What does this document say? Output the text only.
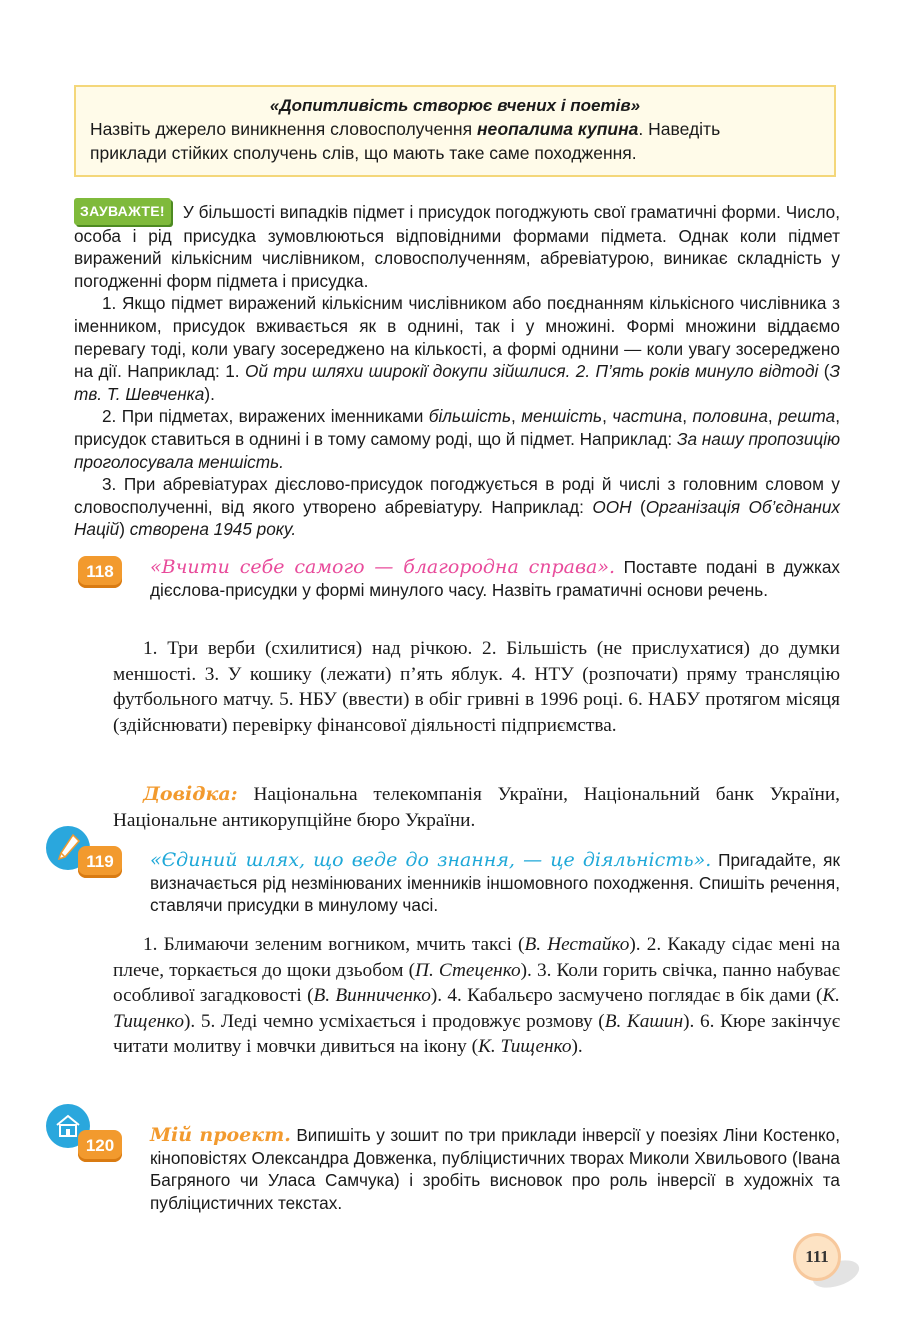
«Допитливість створює вчених і поетів»
Назвіть джерело виникнення словосполучення неопалима купина. Наведіть
приклади стійких сполучень слів, що мають таке саме походження.

ЗАУВАЖТЕ! У більшості випадків підмет і присудок погоджують свої граматичні форми. Число, особа і рід присудка зумовлюються відповідними формами підмета. Однак коли підмет виражений кількісним числівником, словосполученням, абревіатурою, виникає складність у погодженні форм підмета і присудка.

1. Якщо підмет виражений кількісним числівником або поєднанням кількісного числівника з іменником, присудок вживається як в однині, так і у множині. Формі множини віддаємо перевагу тоді, коли увагу зосереджено на кількості, а формі однини — коли увагу зосереджено на дії. Наприклад: 1. Ой три шляхи широкії докупи зійшлися. 2. П’ять років минуло відтоді (З тв. Т. Шевченка).

2. При підметах, виражених іменниками більшість, меншість, частина, половина, решта, присудок ставиться в однині і в тому самому роді, що й підмет. Наприклад: За нашу пропозицію проголосувала меншість.

3. При абревіатурах дієслово-присудок погоджується в роді й числі з головним словом у словосполученні, від якого утворено абревіатуру. Наприклад: ООН (Організація Об’єднаних Націй) створена 1945 року.

118	«Вчити себе самого — благородна справа». Поставте подані в дужках дієслова-присудки у формі минулого часу. Назвіть граматичні основи речень.

1. Три верби (схилитися) над річкою. 2. Більшість (не прислухатися) до думки меншості. 3. У кошику (лежати) п’ять яблук. 4. НТУ (розпочати) пряму трансляцію футбольного матчу. 5. НБУ (ввести) в обіг гривні в 1996 році. 6. НАБУ протягом місяця (здійснювати) перевірку фінансової діяльності підприємства.

Довідка: Національна телекомпанія України, Національний банк України, Національне антикорупційне бюро України.

119	«Єдиний шлях, що веде до знання, — це діяльність». Пригадайте, як визначається рід незмінюваних іменників іншомовного походження. Спишіть речення, ставлячи присудки в минулому часі.

1. Блимаючи зеленим вогником, мчить таксі (В. Нестайко). 2. Какаду сідає мені на плече, торкається до щоки дзьобом (П. Стеценко). 3. Коли горить свічка, панно набуває особливої загадковості (В. Винниченко). 4. Кабальєро засмучено поглядає в бік дами (К. Тищенко). 5. Леді чемно усміхається і продовжує розмову (В. Кашин). 6. Кюре закінчує читати молитву і мовчки дивиться на ікону (К. Тищенко).

120	Мій проект. Випишіть у зошит по три приклади інверсії у поезіях Ліни Костенко, кіноповістях Олександра Довженка, публіцистичних творах Миколи Хвильового (Івана Багряного чи Уласа Самчука) і зробіть висновок про роль інверсії в художніх та публіцистичних текстах.

111
